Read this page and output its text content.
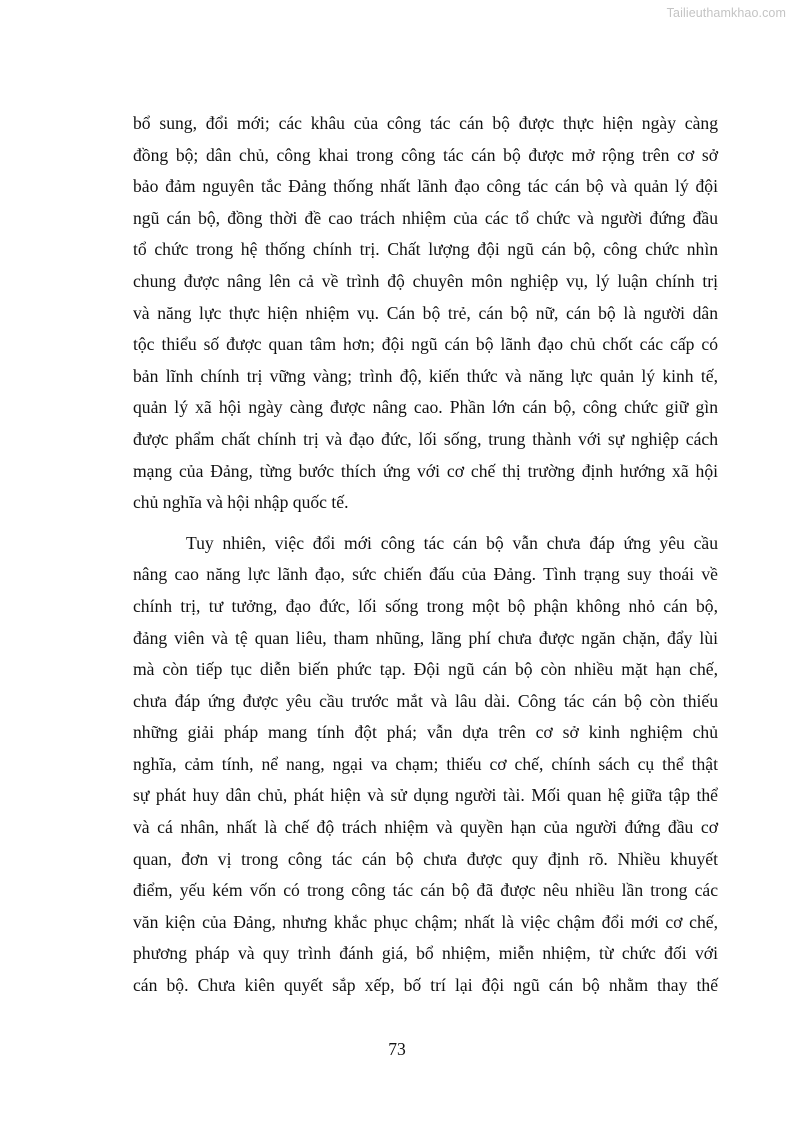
Tailieuthamkhao.com
bổ sung, đổi mới; các khâu của công tác cán bộ được thực hiện ngày càng
đồng bộ; dân chủ, công khai trong công tác cán bộ được mở rộng trên cơ sở
bảo đảm nguyên tắc Đảng thống nhất lãnh đạo công tác cán bộ và quản lý đội
ngũ cán bộ, đồng thời đề cao trách nhiệm của các tổ chức và người đứng đầu
tổ chức trong hệ thống chính trị. Chất lượng đội ngũ cán bộ, công chức nhìn
chung được nâng lên cả về trình độ chuyên môn nghiệp vụ, lý luận chính trị
và năng lực thực hiện nhiệm vụ. Cán bộ trẻ, cán bộ nữ, cán bộ là người dân
tộc thiểu số được quan tâm hơn; đội ngũ cán bộ lãnh đạo chủ chốt các cấp có
bản lĩnh chính trị vững vàng; trình độ, kiến thức và năng lực quản lý kinh tế,
quản lý xã hội ngày càng được nâng cao. Phần lớn cán bộ, công chức giữ gìn
được phẩm chất chính trị và đạo đức, lối sống, trung thành với sự nghiệp cách
mạng của Đảng, từng bước thích ứng với cơ chế thị trường định hướng xã hội
chủ nghĩa và hội nhập quốc tế.
Tuy nhiên, việc đổi mới công tác cán bộ vẫn chưa đáp ứng yêu cầu
nâng cao năng lực lãnh đạo, sức chiến đấu của Đảng. Tình trạng suy thoái về
chính trị, tư tưởng, đạo đức, lối sống trong một bộ phận không nhỏ cán bộ,
đảng viên và tệ quan liêu, tham nhũng, lãng phí chưa được ngăn chặn, đẩy lùi
mà còn tiếp tục diễn biến phức tạp. Đội ngũ cán bộ còn nhiều mặt hạn chế,
chưa đáp ứng được yêu cầu trước mắt và lâu dài. Công tác cán bộ còn thiếu
những giải pháp mang tính đột phá; vẫn dựa trên cơ sở kinh nghiệm chủ
nghĩa, cảm tính, nể nang, ngại va chạm; thiếu cơ chế, chính sách cụ thể thật
sự phát huy dân chủ, phát hiện và sử dụng người tài. Mối quan hệ giữa tập thể
và cá nhân, nhất là chế độ trách nhiệm và quyền hạn của người đứng đầu cơ
quan, đơn vị trong công tác cán bộ chưa được quy định rõ. Nhiều khuyết
điểm, yếu kém vốn có trong công tác cán bộ đã được nêu nhiều lần trong các
văn kiện của Đảng, nhưng khắc phục chậm; nhất là việc chậm đổi mới cơ chế,
phương pháp và quy trình đánh giá, bổ nhiệm, miễn nhiệm, từ chức đối với
cán bộ. Chưa kiên quyết sắp xếp, bố trí lại đội ngũ cán bộ nhằm thay thế
73
